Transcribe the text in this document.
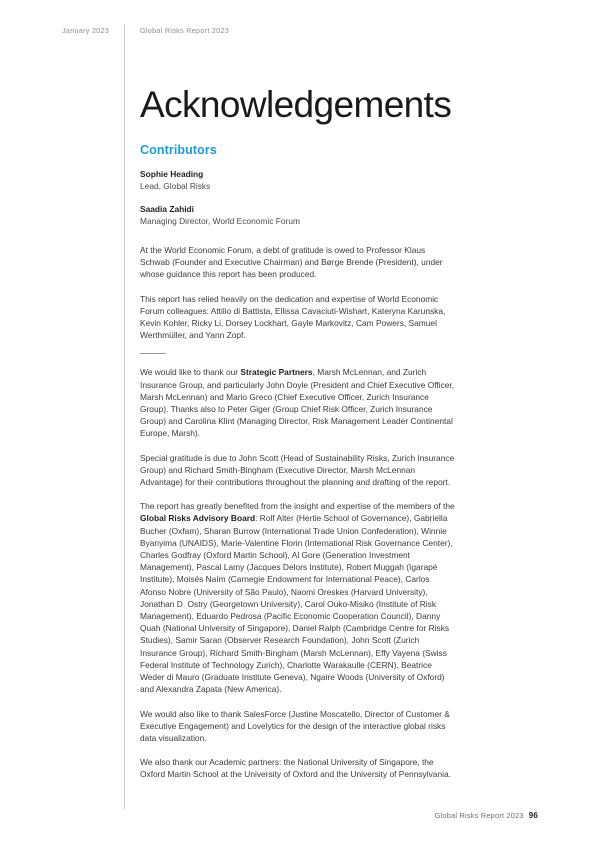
January 2023	Global Risks Report 2023
Acknowledgements
Contributors
Sophie Heading
Lead, Global Risks
Saadia Zahidi
Managing Director, World Economic Forum

At the World Economic Forum, a debt of gratitude is owed to Professor Klaus Schwab (Founder and Executive Chairman) and Børge Brende (President), under whose guidance this report has been produced.

This report has relied heavily on the dedication and expertise of World Economic Forum colleagues: Attilio di Battista, Ellissa Cavaciuti-Wishart, Kateryna Karunska, Kevin Kohler, Ricky Li, Dorsey Lockhart, Gayle Markovitz, Cam Powers, Samuel Werthmüller, and Yann Zopf.

We would like to thank our Strategic Partners, Marsh McLennan, and Zurich Insurance Group, and particularly John Doyle (President and Chief Executive Officer, Marsh McLennan) and Mario Greco (Chief Executive Officer, Zurich Insurance Group). Thanks also to Peter Giger (Group Chief Risk Officer, Zurich Insurance Group) and Carolina Klint (Managing Director, Risk Management Leader Continental Europe, Marsh).

Special gratitude is due to John Scott (Head of Sustainability Risks, Zurich Insurance Group) and Richard Smith-Bingham (Executive Director, Marsh McLennan Advantage) for their contributions throughout the planning and drafting of the report.

The report has greatly benefited from the insight and expertise of the members of the Global Risks Advisory Board: Rolf Alter (Hertie School of Governance), Gabriella Bucher (Oxfam), Sharan Burrow (International Trade Union Confederation), Winnie Byanyima (UNAIDS), Marie-Valentine Florin (International Risk Governance Center), Charles Godfray (Oxford Martin School), Al Gore (Generation Investment Management), Pascal Lamy (Jacques Delors Institute), Robert Muggah (Igarapé Institute), Moisés Naím (Carnegie Endowment for International Peace), Carlos Afonso Nobre (University of São Paulo), Naomi Oreskes (Harvard University), Jonathan D. Ostry (Georgetown University), Carol Ouko-Misiko (Institute of Risk Management), Eduardo Pedrosa (Pacific Economic Cooperation Council), Danny Quah (National University of Singapore), Daniel Ralph (Cambridge Centre for Risks Studies), Samir Saran (Observer Research Foundation), John Scott (Zurich Insurance Group), Richard Smith-Bingham (Marsh McLennan), Effy Vayena (Swiss Federal Institute of Technology Zurich), Charlotte Warakaulle (CERN), Beatrice Weder di Mauro (Graduate Institute Geneva), Ngaire Woods (University of Oxford) and Alexandra Zapata (New America).

We would also like to thank SalesForce (Justine Moscatello, Director of Customer & Executive Engagement) and Lovelytics for the design of the interactive global risks data visualization.

We also thank our Academic partners: the National University of Singapore, the Oxford Martin School at the University of Oxford and the University of Pennsylvania.

Global Risks Report 2023 96
